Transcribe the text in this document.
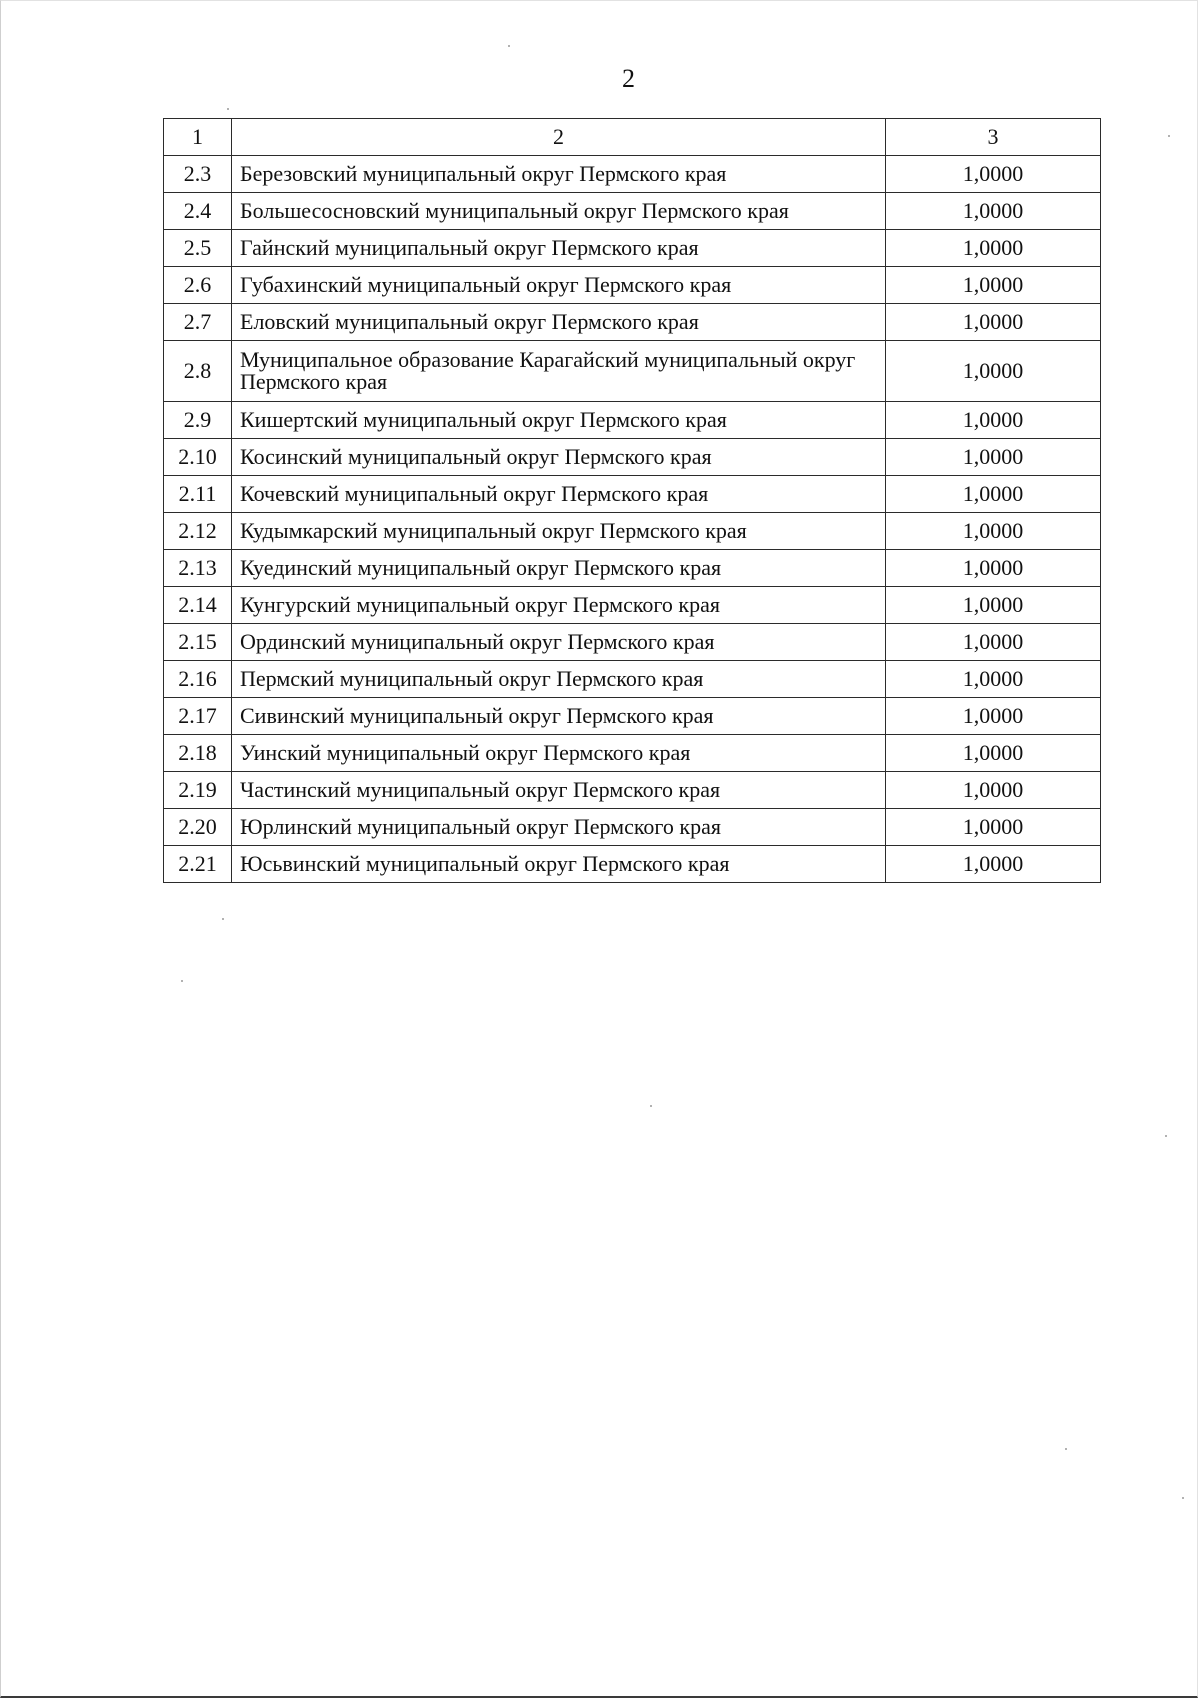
2
1	2	3
2.3	Березовский муниципальный округ Пермского края	1,0000
2.4	Большесосновский муниципальный округ Пермского края	1,0000
2.5	Гайнский муниципальный округ Пермского края	1,0000
2.6	Губахинский муниципальный округ Пермского края	1,0000
2.7	Еловский муниципальный округ Пермского края	1,0000
2.8	Муниципальное образование Карагайский муниципальный округ Пермского края	1,0000
2.9	Кишертский муниципальный округ Пермского края	1,0000
2.10	Косинский муниципальный округ Пермского края	1,0000
2.11	Кочевский муниципальный округ Пермского края	1,0000
2.12	Кудымкарский муниципальный округ Пермского края	1,0000
2.13	Куединский муниципальный округ Пермского края	1,0000
2.14	Кунгурский муниципальный округ Пермского края	1,0000
2.15	Ординский муниципальный округ Пермского края	1,0000
2.16	Пермский муниципальный округ Пермского края	1,0000
2.17	Сивинский муниципальный округ Пермского края	1,0000
2.18	Уинский муниципальный округ Пермского края	1,0000
2.19	Частинский муниципальный округ Пермского края	1,0000
2.20	Юрлинский муниципальный округ Пермского края	1,0000
2.21	Юсьвинский муниципальный округ Пермского края	1,0000
